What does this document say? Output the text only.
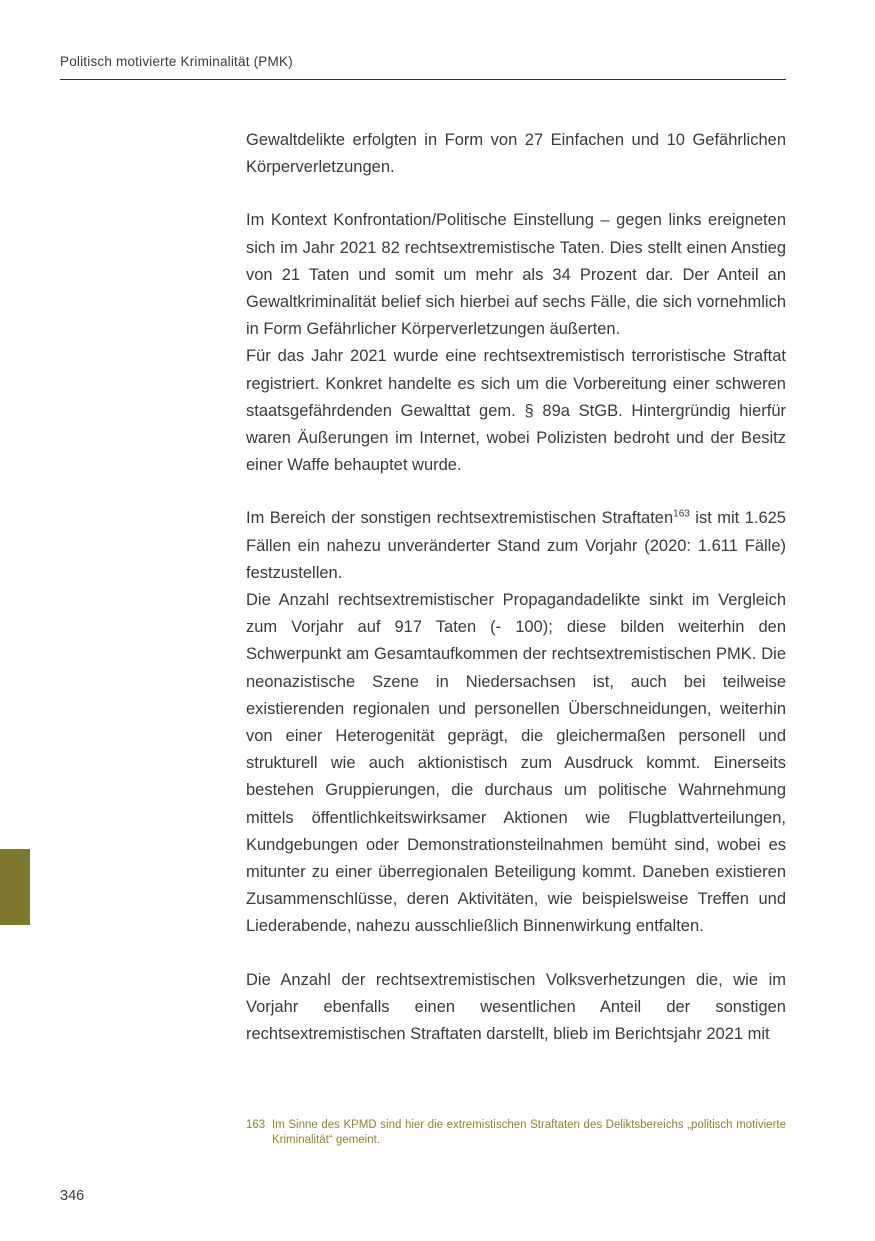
Politisch motivierte Kriminalität (PMK)

Gewaltdelikte erfolgten in Form von 27 Einfachen und 10 Gefährlichen Körperverletzungen.

Im Kontext Konfrontation/Politische Einstellung – gegen links ereigneten sich im Jahr 2021 82 rechtsextremistische Taten. Dies stellt einen Anstieg von 21 Taten und somit um mehr als 34 Prozent dar. Der Anteil an Gewaltkriminalität belief sich hierbei auf sechs Fälle, die sich vornehmlich in Form Gefährlicher Körperverletzungen äußerten.

Für das Jahr 2021 wurde eine rechtsextremistisch terroristische Straftat registriert. Konkret handelte es sich um die Vorbereitung einer schweren staatsgefährdenden Gewalttat gem. § 89a StGB. Hintergründig hierfür waren Äußerungen im Internet, wobei Polizisten bedroht und der Besitz einer Waffe behauptet wurde.

Im Bereich der sonstigen rechtsextremistischen Straftaten$^{163}$ ist mit 1.625 Fällen ein nahezu unveränderter Stand zum Vorjahr (2020: 1.611 Fälle) festzustellen.

Die Anzahl rechtsextremistischer Propagandadelikte sinkt im Vergleich zum Vorjahr auf 917 Taten (- 100); diese bilden weiterhin den Schwerpunkt am Gesamtaufkommen der rechtsextremistischen PMK. Die neonazistische Szene in Niedersachsen ist, auch bei teilweise existierenden regionalen und personellen Überschneidungen, weiterhin von einer Heterogenität geprägt, die gleichermaßen personell und strukturell wie auch aktionistisch zum Ausdruck kommt. Einerseits bestehen Gruppierungen, die durchaus um politische Wahrnehmung mittels öffentlichkeitswirksamer Aktionen wie Flugblattverteilungen, Kundgebungen oder Demonstrationsteilnahmen bemüht sind, wobei es mitunter zu einer überregionalen Beteiligung kommt. Daneben existieren Zusammenschlüsse, deren Aktivitäten, wie beispielsweise Treffen und Liederabende, nahezu ausschließlich Binnenwirkung entfalten.

Die Anzahl der rechtsextremistischen Volksverhetzungen die, wie im Vorjahr ebenfalls einen wesentlichen Anteil der sonstigen rechtsextremistischen Straftaten darstellt, blieb im Berichtsjahr 2021 mit

163 Im Sinne des KPMD sind hier die extremistischen Straftaten des Deliktsbereichs „politisch motivierte Kriminalität“ gemeint.
346
